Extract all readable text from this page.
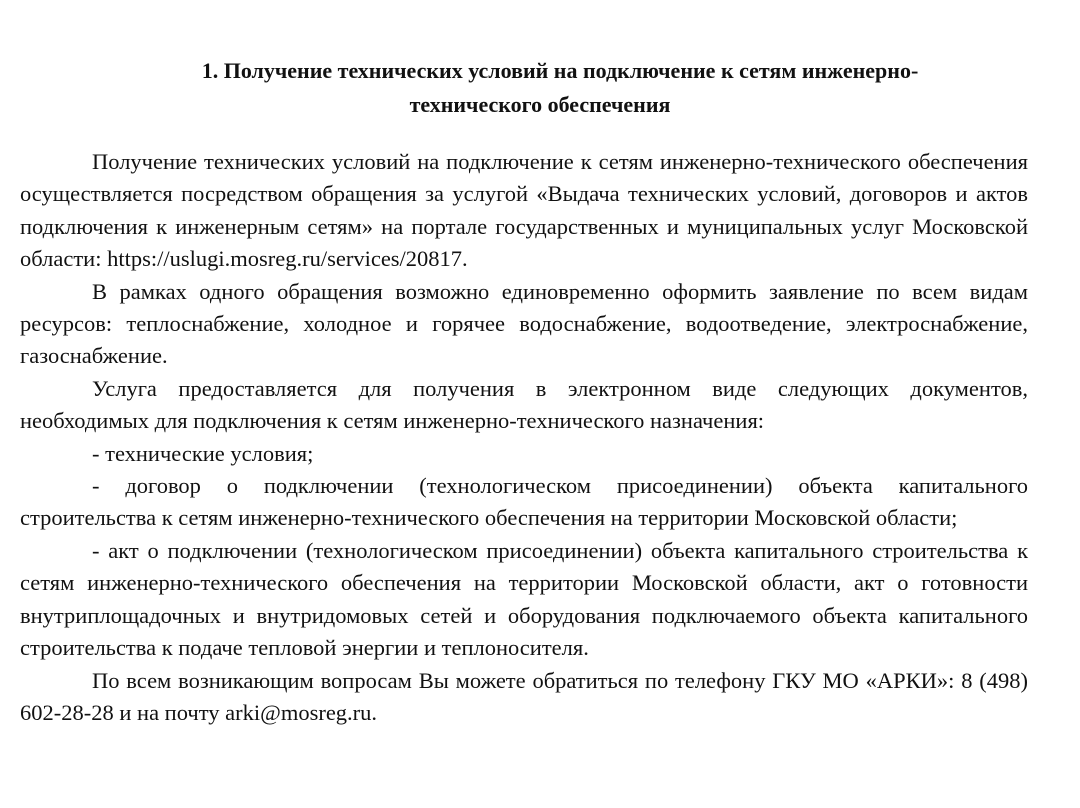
1. Получение технических условий на подключение к сетям инженерно-
технического обеспечения

Получение технических условий на подключение к сетям инженерно-технического обеспечения осуществляется посредством обращения за услугой «Выдача технических условий, договоров и актов подключения к инженерным сетям» на портале государственных и муниципальных услуг Московской области: https://uslugi.mosreg.ru/services/20817.

В рамках одного обращения возможно единовременно оформить заявление по всем видам ресурсов: теплоснабжение, холодное и горячее водоснабжение, водоотведение, электроснабжение, газоснабжение.

Услуга предоставляется для получения в электронном виде следующих документов, необходимых для подключения к сетям инженерно-технического назначения:

- технические условия;

- договор о подключении (технологическом присоединении) объекта капитального строительства к сетям инженерно-технического обеспечения на территории Московской области;

- акт о подключении (технологическом присоединении) объекта капитального строительства к сетям инженерно-технического обеспечения на территории Московской области, акт о готовности внутриплощадочных и внутридомовых сетей и оборудования подключаемого объекта капитального строительства к подаче тепловой энергии и теплоносителя.

По всем возникающим вопросам Вы можете обратиться по телефону ГКУ МО «АРКИ»: 8 (498) 602-28-28 и на почту arki@mosreg.ru.
